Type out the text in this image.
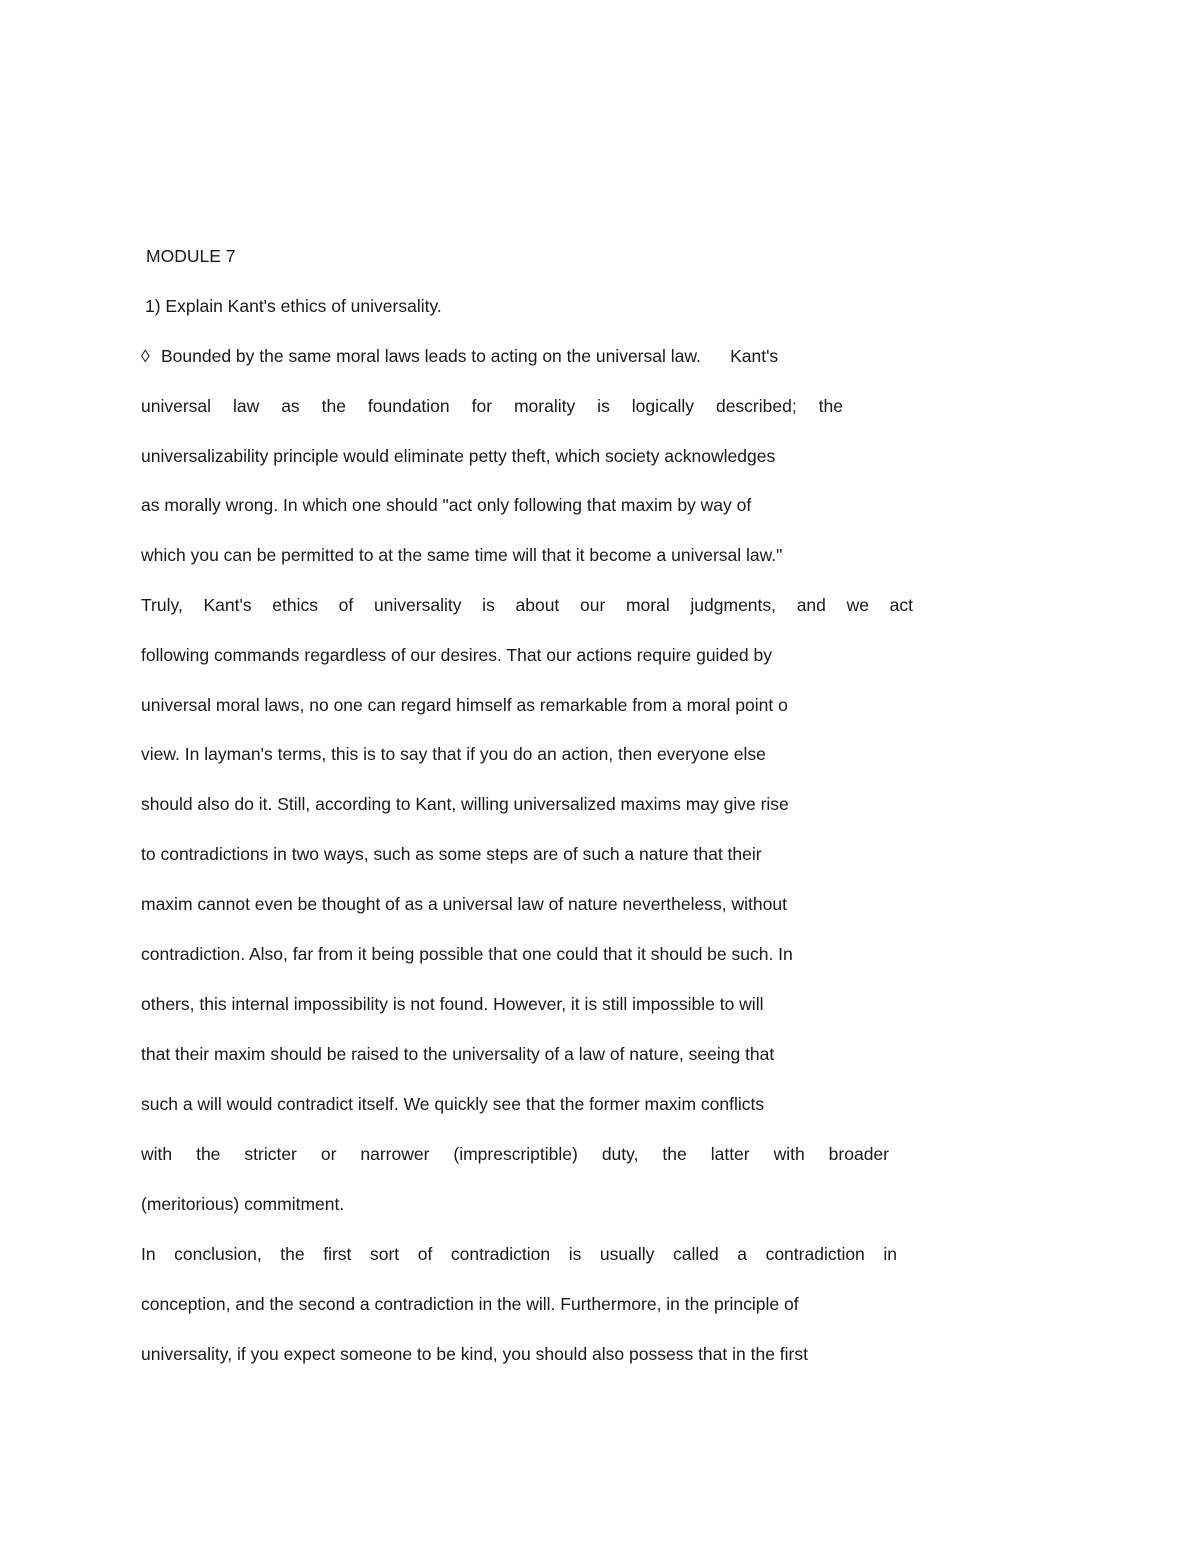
MODULE 7

1) Explain Kant's ethics of universality.

◊ Bounded by the same moral laws leads to acting on the universal law.      Kant's

universal law as the foundation for morality is logically described; the

universalizability principle would eliminate petty theft, which society acknowledges

as morally wrong. In which one should "act only following that maxim by way of

which you can be permitted to at the same time will that it become a universal law."

Truly, Kant's ethics of universality is about our moral judgments, and we act

following commands regardless of our desires. That our actions require guided by

universal moral laws, no one can regard himself as remarkable from a moral point o

view. In layman's terms, this is to say that if you do an action, then everyone else

should also do it. Still, according to Kant, willing universalized maxims may give rise

to contradictions in two ways, such as some steps are of such a nature that their

maxim cannot even be thought of as a universal law of nature nevertheless, without

contradiction. Also, far from it being possible that one could that it should be such. In

others, this internal impossibility is not found. However, it is still impossible to will

that their maxim should be raised to the universality of a law of nature, seeing that

such a will would contradict itself. We quickly see that the former maxim conflicts

with the stricter or narrower (imprescriptible) duty, the latter with broader

(meritorious) commitment.

In conclusion, the first sort of contradiction is usually called a contradiction in

conception, and the second a contradiction in the will. Furthermore, in the principle of

universality, if you expect someone to be kind, you should also possess that in the first
